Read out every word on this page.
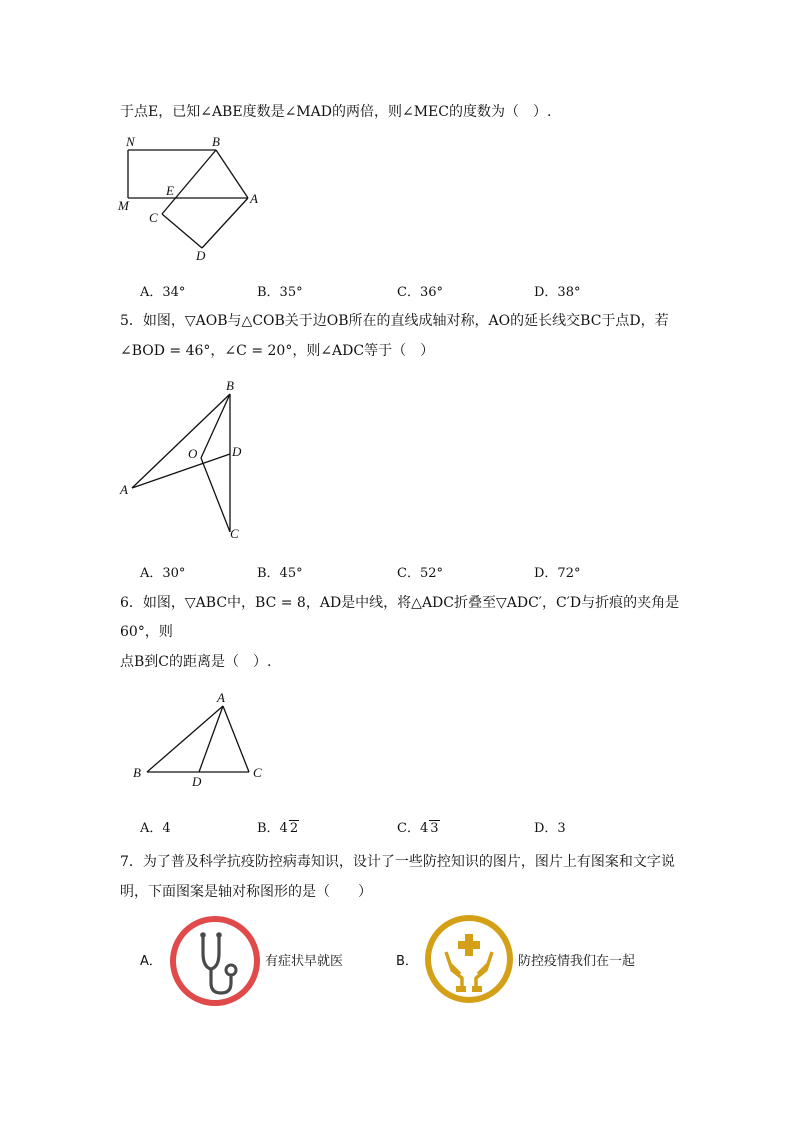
于点E，已知∠ABE度数是∠MAD的两倍，则∠MEC的度数为（　）.
N	B
E
A
M
C
D
A．34°	B．35°	C．36°	D．38°
5．如图，▽AOB与△COB关于边OB所在的直线成轴对称，AO的延长线交BC于点D，若
∠BOD = 46°，∠C = 20°，则∠ADC等于（　）
B
O	D
A
C
A．30°	B．45°	C．52°	D．72°
6．如图，▽ABC中，BC = 8，AD是中线，将△ADC折叠至▽ADC′，C′D与折痕的夹角是
60°，则
点B到C的距离是（　）.
A
B
D
C
A．4	B．4 2	C．4 3	D．3
7．为了普及科学抗疫防控病毒知识，设计了一些防控知识的图片，图片上有图案和文字说
明，下面图案是轴对称图形的是（　　）
A．	有症状早就医	B．	防控疫情我们在一起
